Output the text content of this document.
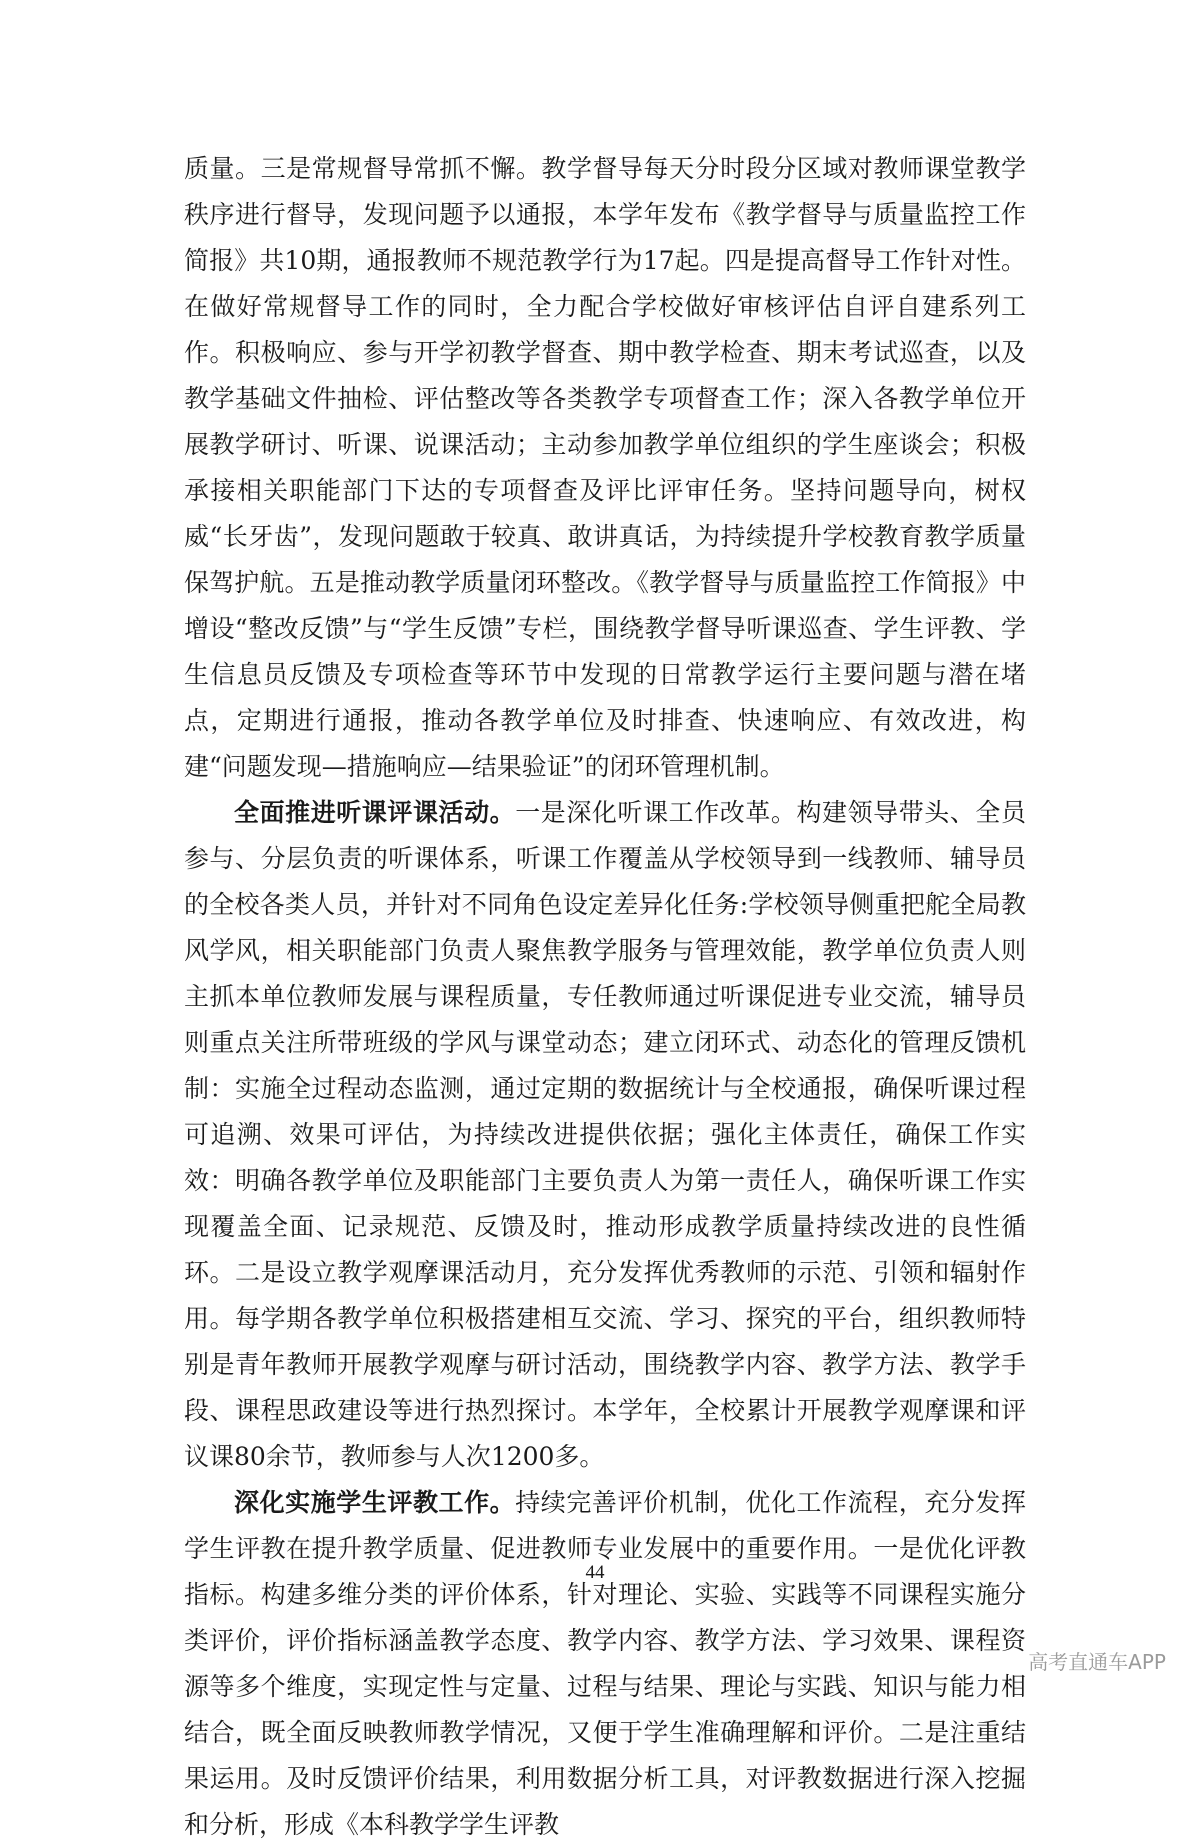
质量。三是常规督导常抓不懈。教学督导每天分时段分区域对教师课堂教学秩序进行督导，发现问题予以通报，本学年发布《教学督导与质量监控工作简报》共10期，通报教师不规范教学行为17起。四是提高督导工作针对性。在做好常规督导工作的同时，全力配合学校做好审核评估自评自建系列工作。积极响应、参与开学初教学督查、期中教学检查、期末考试巡查，以及教学基础文件抽检、评估整改等各类教学专项督查工作；深入各教学单位开展教学研讨、听课、说课活动；主动参加教学单位组织的学生座谈会；积极承接相关职能部门下达的专项督查及评比评审任务。坚持问题导向，树权威“长牙齿”，发现问题敢于较真、敢讲真话，为持续提升学校教育教学质量保驾护航。五是推动教学质量闭环整改。《教学督导与质量监控工作简报》中增设“整改反馈”与“学生反馈”专栏，围绕教学督导听课巡查、学生评教、学生信息员反馈及专项检查等环节中发现的日常教学运行主要问题与潜在堵点，定期进行通报，推动各教学单位及时排查、快速响应、有效改进，构建“问题发现—措施响应—结果验证”的闭环管理机制。

全面推进听课评课活动。一是深化听课工作改革。构建领导带头、全员参与、分层负责的听课体系，听课工作覆盖从学校领导到一线教师、辅导员的全校各类人员，并针对不同角色设定差异化任务:学校领导侧重把舵全局教风学风，相关职能部门负责人聚焦教学服务与管理效能，教学单位负责人则主抓本单位教师发展与课程质量，专任教师通过听课促进专业交流，辅导员则重点关注所带班级的学风与课堂动态；建立闭环式、动态化的管理反馈机制：实施全过程动态监测，通过定期的数据统计与全校通报，确保听课过程可追溯、效果可评估，为持续改进提供依据；强化主体责任，确保工作实效：明确各教学单位及职能部门主要负责人为第一责任人，确保听课工作实现覆盖全面、记录规范、反馈及时，推动形成教学质量持续改进的良性循环。二是设立教学观摩课活动月，充分发挥优秀教师的示范、引领和辐射作用。每学期各教学单位积极搭建相互交流、学习、探究的平台，组织教师特别是青年教师开展教学观摩与研讨活动，围绕教学内容、教学方法、教学手段、课程思政建设等进行热烈探讨。本学年，全校累计开展教学观摩课和评议课80余节，教师参与人次1200多。

深化实施学生评教工作。持续完善评价机制，优化工作流程，充分发挥学生评教在提升教学质量、促进教师专业发展中的重要作用。一是优化评教指标。构建多维分类的评价体系，针对理论、实验、实践等不同课程实施分类评价，评价指标涵盖教学态度、教学内容、教学方法、学习效果、课程资源等多个维度，实现定性与定量、过程与结果、理论与实践、知识与能力相结合，既全面反映教师教学情况，又便于学生准确理解和评价。二是注重结果运用。及时反馈评价结果，利用数据分析工具，对评教数据进行深入挖掘和分析，形成《本科教学学生评教

44
高考直通车APP
